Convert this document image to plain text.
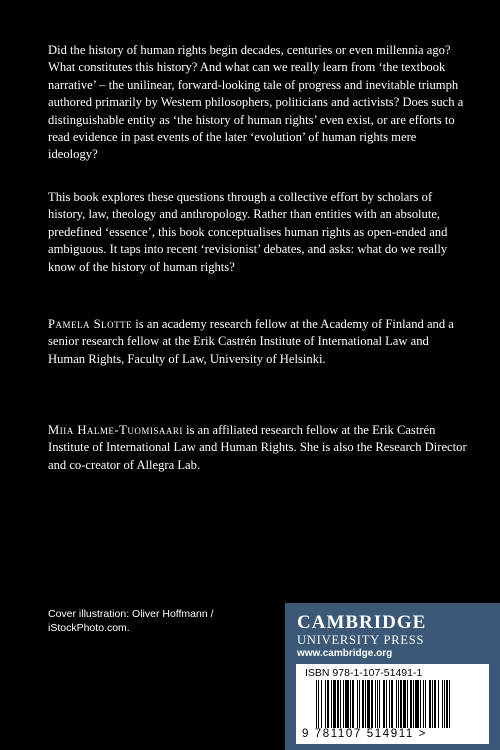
Did the history of human rights begin decades, centuries or even millennia ago? What constitutes this history? And what can we really learn from ‘the textbook narrative’ – the unilinear, forward-looking tale of progress and inevitable triumph authored primarily by Western philosophers, politicians and activists? Does such a distinguishable entity as ‘the history of human rights’ even exist, or are efforts to read evidence in past events of the later ‘evolution’ of human rights mere ideology?

This book explores these questions through a collective effort by scholars of history, law, theology and anthropology. Rather than entities with an absolute, predefined ‘essence’, this book conceptualises human rights as open-ended and ambiguous. It taps into recent ‘revisionist’ debates, and asks: what do we really know of the history of human rights?

Pamela Slotte is an academy research fellow at the Academy of Finland and a senior research fellow at the Erik Castrén Institute of International Law and Human Rights, Faculty of Law, University of Helsinki.

Miia Halme-Tuomisaari is an affiliated research fellow at the Erik Castrén Institute of International Law and Human Rights. She is also the Research Director and co-creator of Allegra Lab.

Cover illustration: Oliver Hoffmann /
iStockPhoto.com.	CAMBRIDGE
UNIVERSITY PRESS
www.cambridge.org
ISBN 978-1-107-51491-1
9 781107 514911 >
